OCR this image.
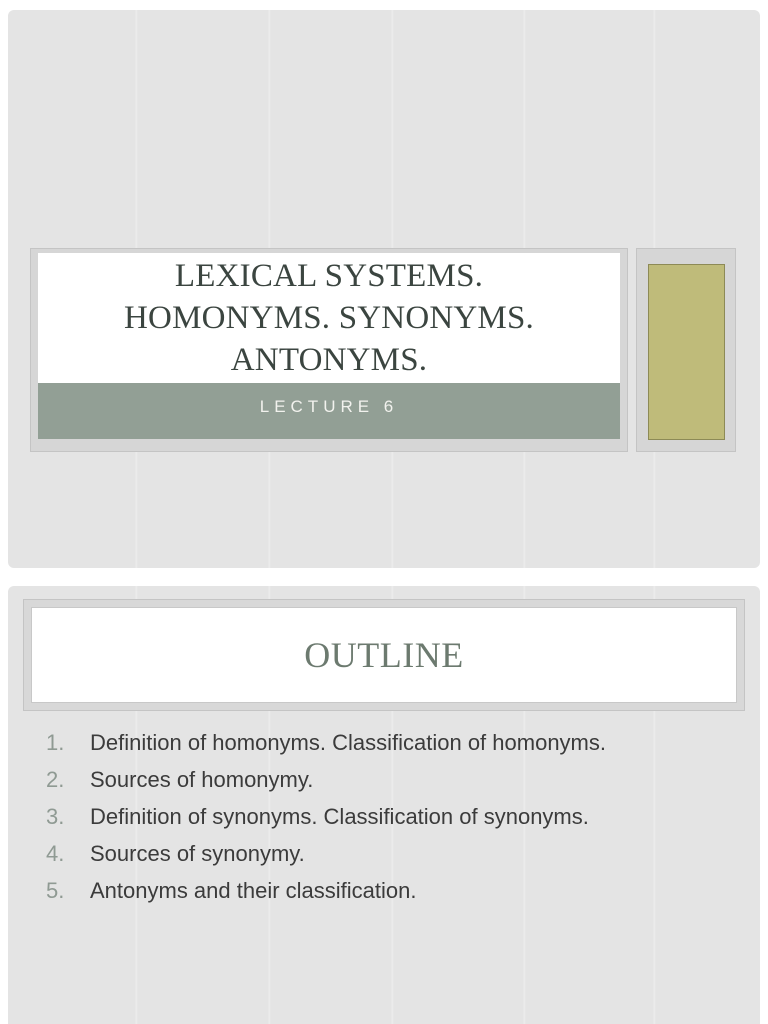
LEXICAL SYSTEMS.
HOMONYMS. SYNONYMS.
ANTONYMS.
LECTURE 6
OUTLINE
1.	Definition of homonyms. Classification of homonyms.
2.	Sources of homonymy.
3.	Definition of synonyms. Classification of synonyms.
4.	Sources of synonymy.
5.	Antonyms and their classification.
